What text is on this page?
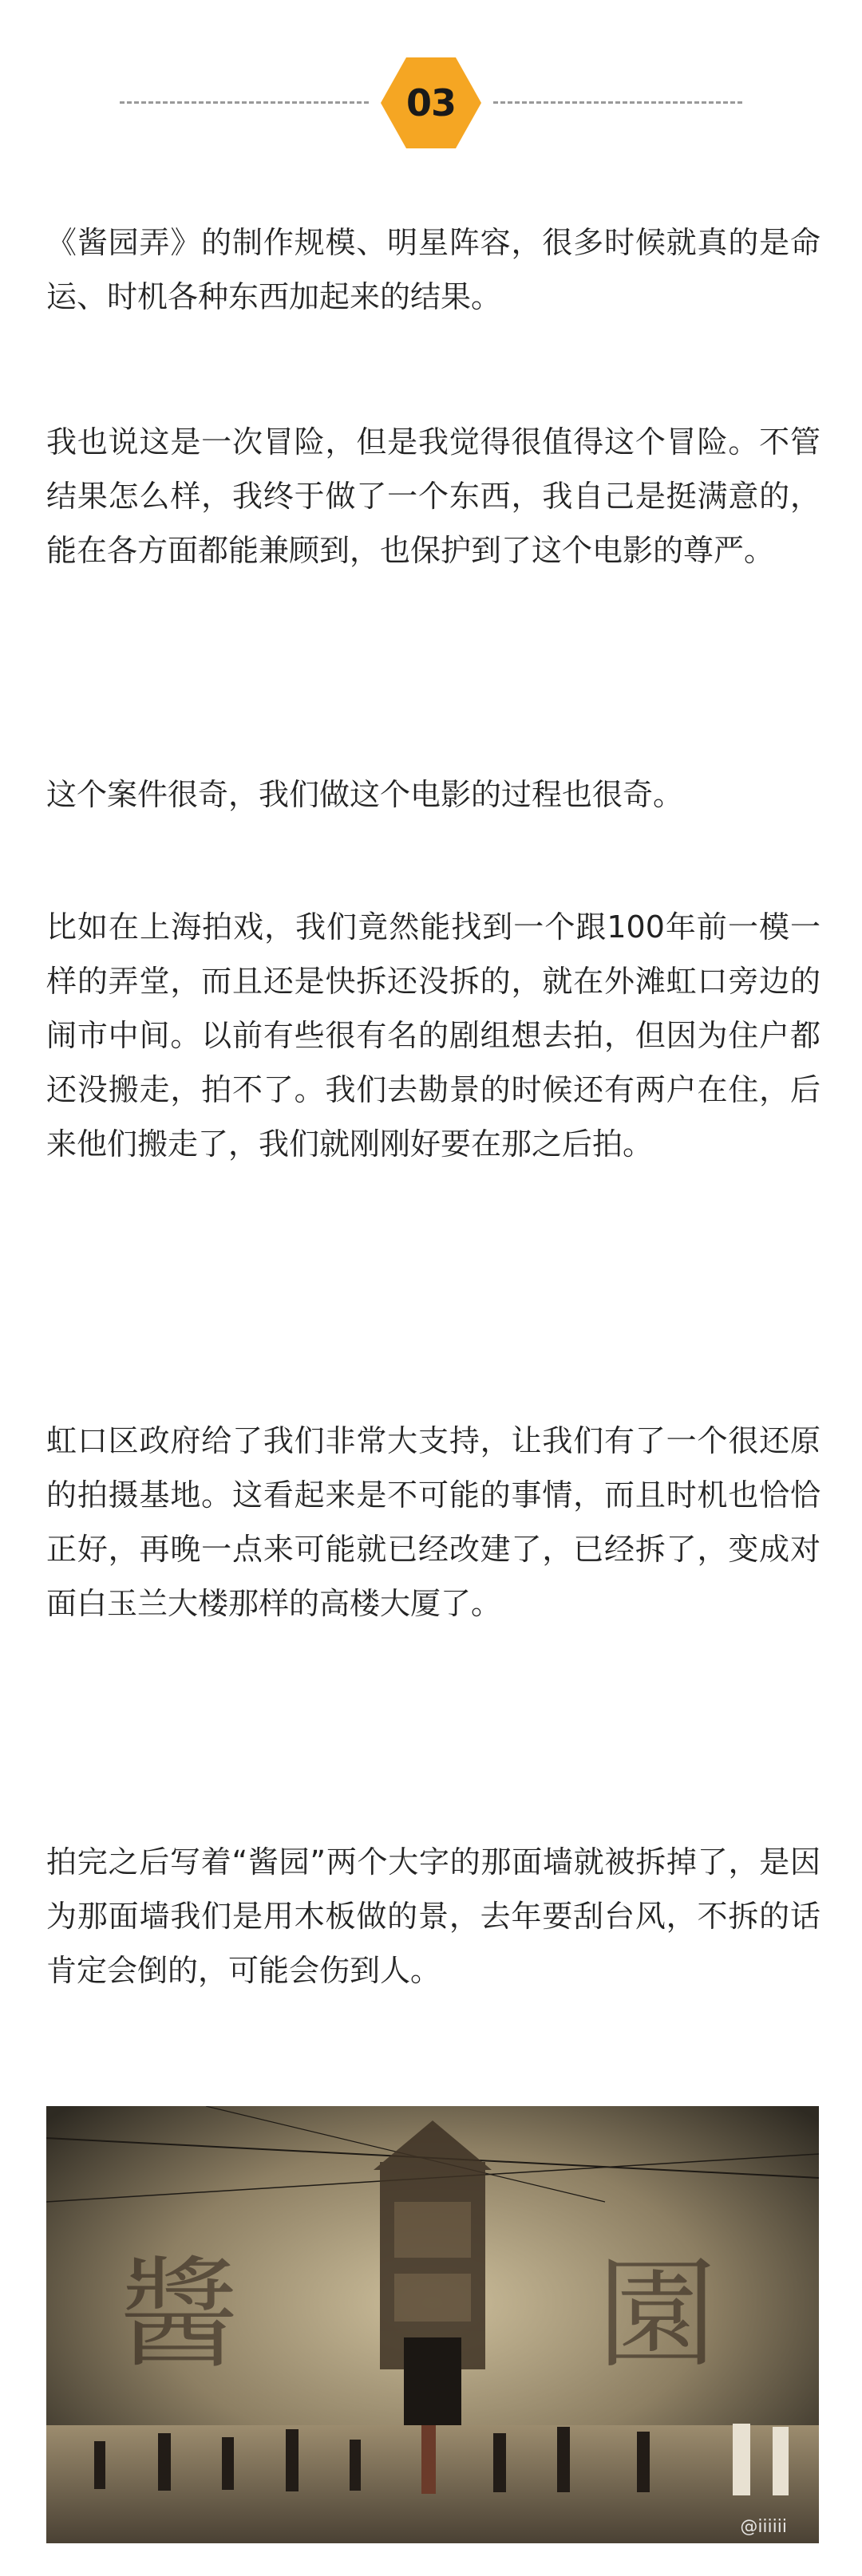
03

《酱园弄》的制作规模、明星阵容，很多时候就真的是命运、时机各种东西加起来的结果。

我也说这是一次冒险，但是我觉得很值得这个冒险。不管结果怎么样，我终于做了一个东西，我自己是挺满意的，能在各方面都能兼顾到，也保护到了这个电影的尊严。

这个案件很奇，我们做这个电影的过程也很奇。

比如在上海拍戏，我们竟然能找到一个跟100年前一模一样的弄堂，而且还是快拆还没拆的，就在外滩虹口旁边的闹市中间。以前有些很有名的剧组想去拍，但因为住户都还没搬走，拍不了。我们去勘景的时候还有两户在住，后来他们搬走了，我们就刚刚好要在那之后拍。

虹口区政府给了我们非常大支持，让我们有了一个很还原的拍摄基地。这看起来是不可能的事情，而且时机也恰恰正好，再晚一点来可能就已经改建了，已经拆了，变成对面白玉兰大楼那样的高楼大厦了。

拍完之后写着“酱园”两个大字的那面墙就被拆掉了，是因为那面墙我们是用木板做的景，去年要刮台风，不拆的话肯定会倒的，可能会伤到人。

醬	園
@iiiiii
